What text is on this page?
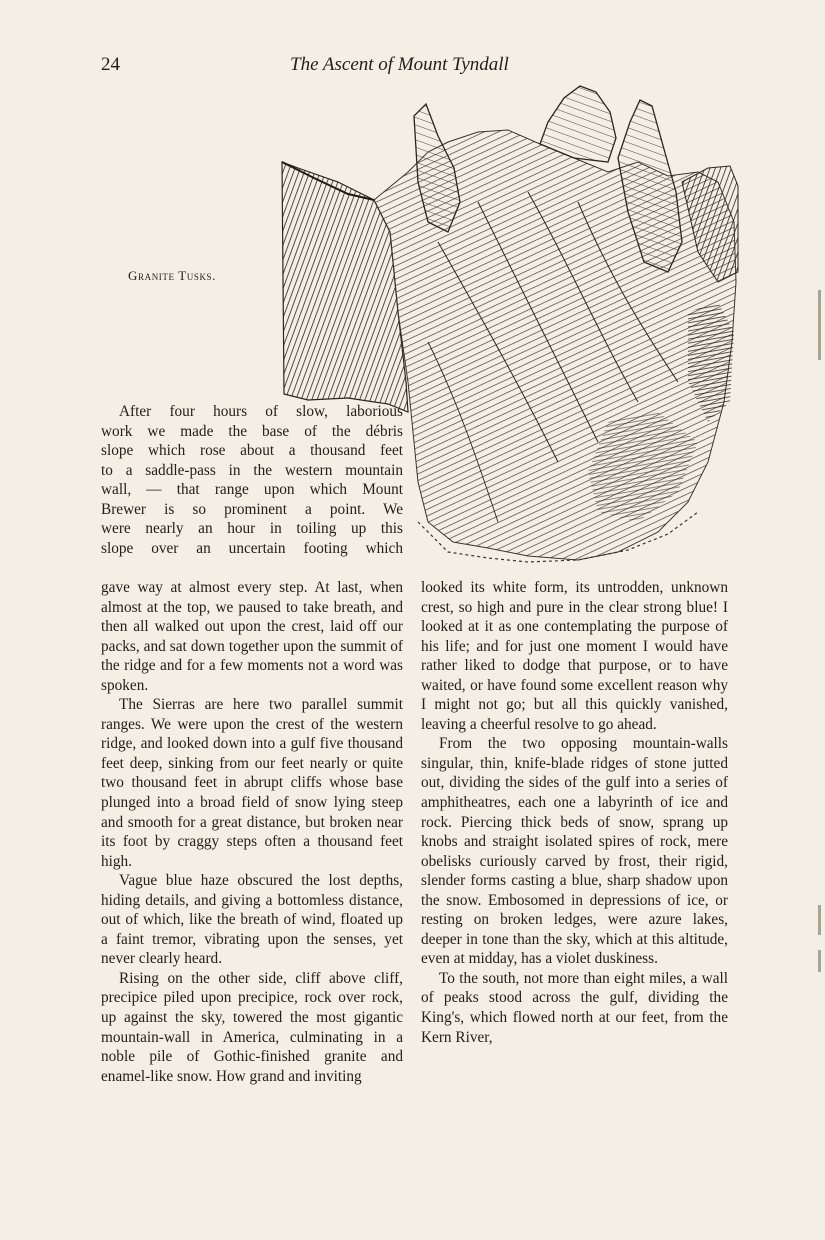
24	The Ascent of Mount Tyndall
Granite Tusks.

After four hours of slow, laborious

work we made the base of the débris
slope which rose about a thousand feet
to a saddle-pass in the western mountain
wall, — that range upon which Mount
Brewer is so prominent a point. We
were nearly an hour in toiling up this
slope over an uncertain footing which

gave way at almost every step. At last, when almost at the top, we paused to take breath, and then all walked out upon the crest, laid off our packs, and sat down together upon the summit of the ridge and for a few moments not a word was spoken.

The Sierras are here two parallel summit ranges. We were upon the crest of the western ridge, and looked down into a gulf five thousand feet deep, sinking from our feet nearly or quite two thousand feet in abrupt cliffs whose base plunged into a broad field of snow lying steep and smooth for a great distance, but broken near its foot by craggy steps often a thousand feet high.

Vague blue haze obscured the lost depths, hiding details, and giving a bottomless distance, out of which, like the breath of wind, floated up a faint tremor, vibrating upon the senses, yet never clearly heard.

Rising on the other side, cliff above cliff, precipice piled upon precipice, rock over rock, up against the sky, towered the most gigantic mountain-wall in America, culminating in a noble pile of Gothic-finished granite and enamel-like snow. How grand and inviting

looked its white form, its untrodden, unknown crest, so high and pure in the clear strong blue! I looked at it as one contemplating the purpose of his life; and for just one moment I would have rather liked to dodge that purpose, or to have waited, or have found some excellent reason why I might not go; but all this quickly vanished, leaving a cheerful resolve to go ahead.

From the two opposing mountain-walls singular, thin, knife-blade ridges of stone jutted out, dividing the sides of the gulf into a series of amphitheatres, each one a labyrinth of ice and rock. Piercing thick beds of snow, sprang up knobs and straight isolated spires of rock, mere obelisks curiously carved by frost, their rigid, slender forms casting a blue, sharp shadow upon the snow. Embosomed in depressions of ice, or resting on broken ledges, were azure lakes, deeper in tone than the sky, which at this altitude, even at midday, has a violet duskiness.

To the south, not more than eight miles, a wall of peaks stood across the gulf, dividing the King's, which flowed north at our feet, from the Kern River,
